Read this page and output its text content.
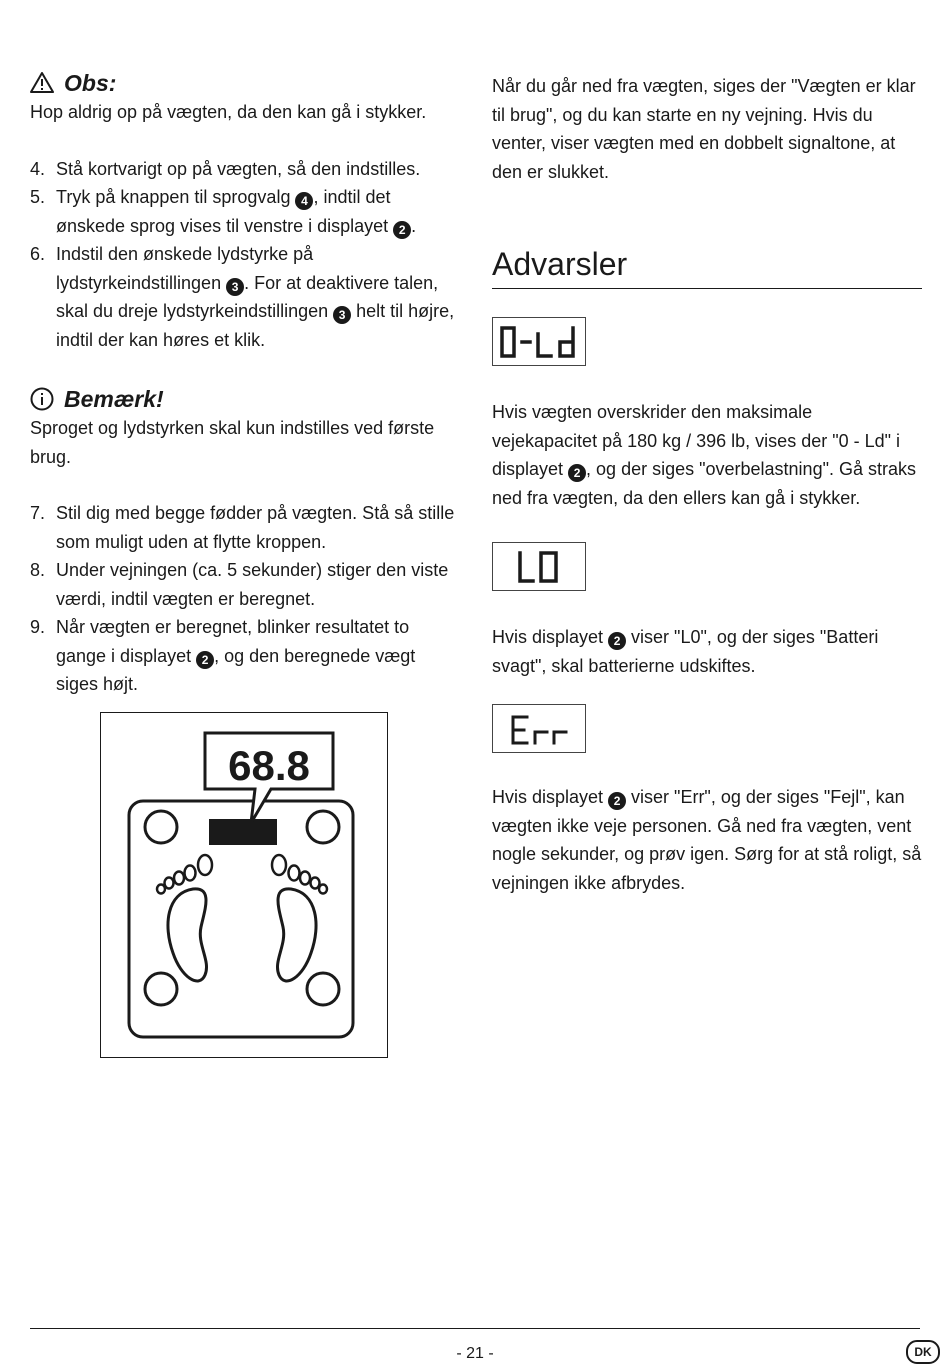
Obs:

Hop aldrig op på vægten, da den kan gå i stykker.

4. Stå kortvarigt op på vægten, så den indstilles.
5. Tryk på knappen til sprogvalg 4 , indtil det ønskede sprog vises til venstre i displayet 2 .
6. Indstil den ønskede lydstyrke på lydstyrkeindstillingen 3 . For at deaktivere talen, skal du dreje lydstyrkeindstillingen 3 helt til højre, indtil der kan høres et klik.
Bemærk!

Sproget og lydstyrken skal kun indstilles ved første brug.

7. Stil dig med begge fødder på vægten. Stå så stille som muligt uden at flytte kroppen.
8. Under vejningen (ca. 5 sekunder) stiger den viste værdi, indtil vægten er beregnet.
9. Når vægten er beregnet, blinker resultatet to gange i displayet 2 , og den beregnede vægt siges højt.
68.8

Når du går ned fra vægten, siges der "Vægten er klar til brug", og du kan starte en ny vejning. Hvis du venter, viser vægten med en dobbelt signaltone, at den er slukket.

Advarsler

Hvis vægten overskrider den maksimale vejekapacitet på 180 kg / 396 lb, vises der "0 - Ld" i displayet 2 , og der siges "overbelastning". Gå straks ned fra vægten, da den ellers kan gå i stykker.

Hvis displayet 2 viser "L0", og der siges "Batteri svagt", skal batterierne udskiftes.

Hvis displayet 2 viser "Err", og der siges "Fejl", kan vægten ikke veje personen. Gå ned fra vægten, vent nogle sekunder, og prøv igen. Sørg for at stå roligt, så vejningen ikke afbrydes.

- 21 -	DK
